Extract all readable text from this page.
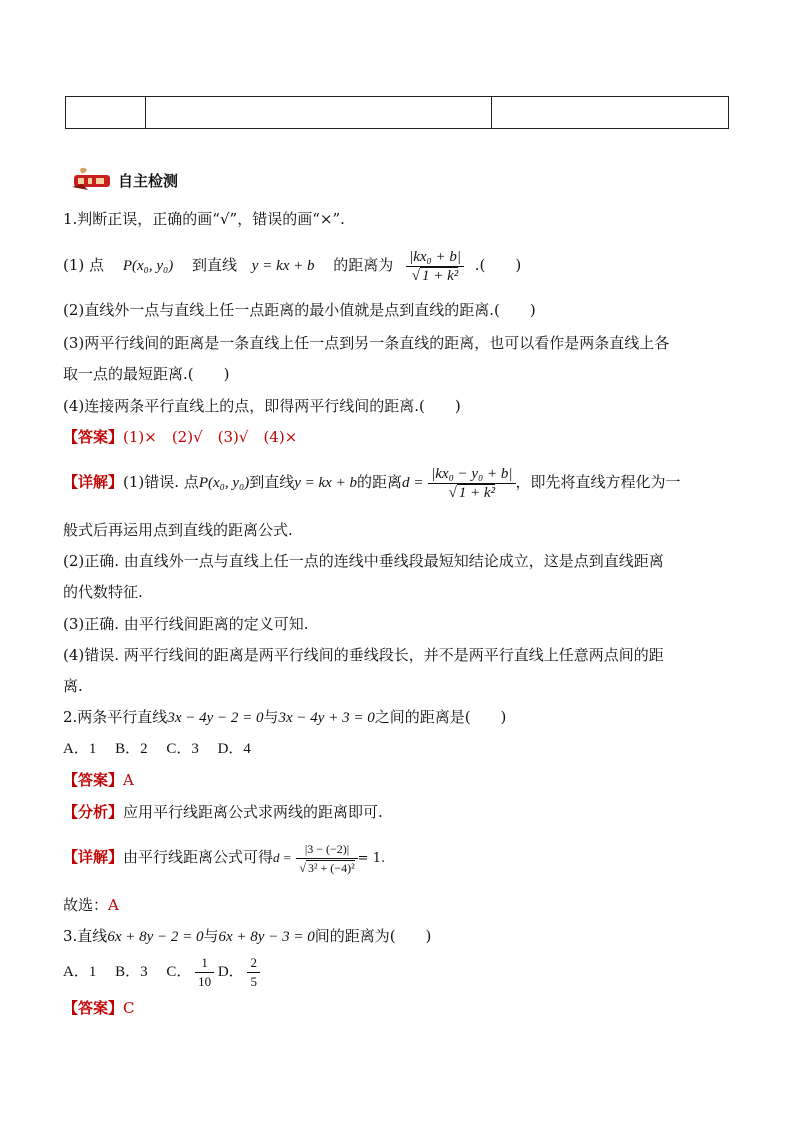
自主检测
1.判断正误，正确的画“√”，错误的画“×”.
(1) 点 P(x₀, y₀) 到直线 y = kx + b 的距离为 $\frac{\text{|kx₀ + b|}}{\text{√ 1 + k²}}$ .(　　)
(2)直线外一点与直线上任一点距离的最小值就是点到直线的距离.(　　)
(3)两平行线间的距离是一条直线上任一点到另一条直线的距离，也可以看作是两条直线上各
取一点的最短距离.(　　)
(4)连接两条平行直线上的点，即得两平行线间的距离.(　　)
【答案】(1)×　(2)√　(3)√　(4)×
【详解】(1)错误. 点P(x₀, y₀)到直线y = kx + b的距离$d = \frac{\text{|kx₀ − y₀ + b|}}{\text{√ 1 + k²}}$ ，即先将直线方程化为一
般式后再运用点到直线的距离公式.
(2)正确. 由直线外一点与直线上任一点的连线中垂线段最短知结论成立，这是点到直线距离
的代数特征.
(3)正确. 由平行线间距离的定义可知.
(4)错误. 两平行线间的距离是两平行线间的垂线段长，并不是两平行直线上任意两点间的距
离.
2.两条平行直线3x − 4y − 2 = 0与3x − 4y + 3 = 0之间的距离是(　　)
A．1　 B．2　 C．3　 D．4
【答案】A
【分析】应用平行线距离公式求两线的距离即可.
【详解】由平行线距离公式可得$d = \frac{|3 - (-2)|}{\text{√ 3² + (−4)²}} = 1$.
故选：A
3.直线6x + 8y − 2 = 0与6x + 8y − 3 = 0间的距离为(　　)
A．1　 B．3　 C． $\frac{1}{10}$ D． $\frac{2}{5}$
【答案】C
